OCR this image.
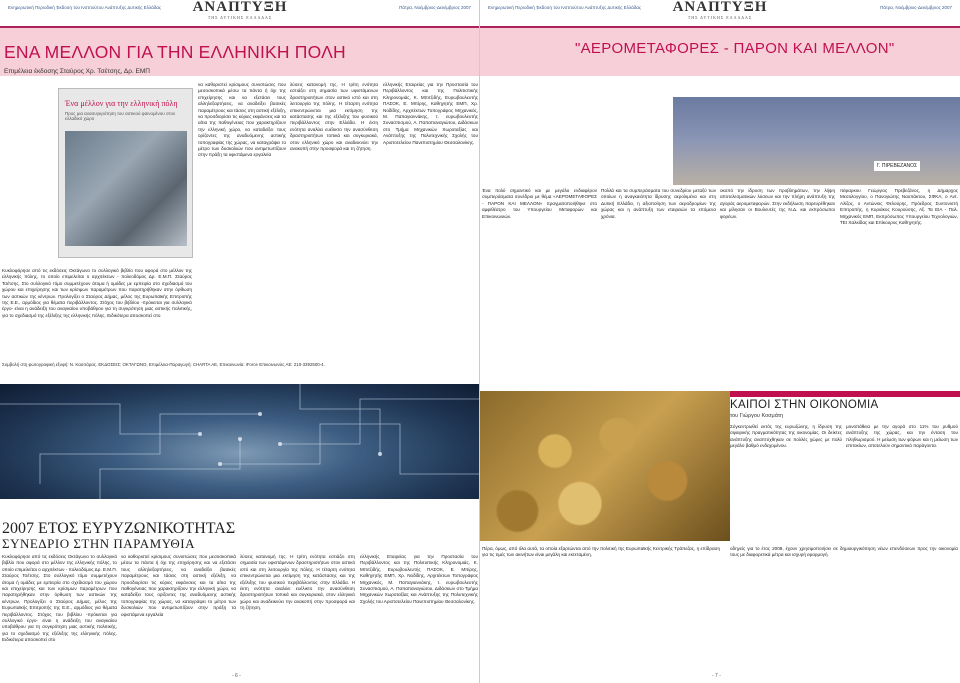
Ενημερωτική Περιοδική Έκδοση του Ινστιτούτου Ανάπτυξης Δυτικής Ελλάδας	Πάτρα, Νοέμβριος-Δεκέμβριος 2007
ΑΝΑΠΤΥΞΗ
ΤΗΣ ΔΥΤΙΚΗΣ ΕΛΛΑΔΑΣ
ΕΝΑ ΜΕΛΛΟΝ ΓΙΑ ΤΗΝ ΕΛΛΗΝΙΚΗ ΠΟΛΗ
Επιμέλεια έκδοσης Σταύρος Χρ. Τσέτσης, Δρ. ΕΜΠ
Ένα μέλλον για την ελληνική πόλη
Προς μια ανασυγκρότηση του αστικού φαινομένου στον ελλαδικό χώρο
Κυκλοφόρησε από τις εκδόσεις Οκτάγωνο το συλλογικό βιβλίο που αφορά στο μέλλον της ελληνικής πόλης, το οποίο επιμελείται ο αρχιτέκτων - πολεοδόμος Δρ. Ε.Μ.Π. Σταύρος Τσέτσης. Στο συλλογικό τόμο συμμετέχουν άτομα ή ομάδες με εμπειρία στο σχεδιασμό του χώρου και επιχείρησης και των κρίσιμων παραμέτρων που παρατηρήθηκαν στην όρθωση των αστικών της κέντρων. Προλογίζει ο Σταύρος Δήμας, μέλος της Ευρωπαϊκής Επιτροπής της Ε.Ε., αρμόδιος για θέματα περιβάλλοντος. Στόχος του βιβλίου -πρόκειται για συλλογικό έργο- είναι η ανάδειξη του αναγκαίου υποβάθρου για τη συγκρότηση μιας αστικής πολιτικής, για το σχεδιασμό της εξέλιξης της ελληνικής πόλης. Ειδικότερα αποσκοπεί στο
να καθοριστεί κρίσιμους συνιστώσες που μεσοσκοπικά μέσω τα πάντα ή όχι της επιχείρησης και να εξετάσει τους αλληλεξαρτήσεις, να αναδείξει βασικές παραμέτρους και τάσεις στη αστική εξέλιξη, να προσδιορίσει τις κύριες εκφάνσεις και τα αίτια της παθογένειας που χαρακτηρίζουν την ελληνική χώρο, να καταδείξει τους ορίζοντες της αναδυόμενης αστικής τοπογραφίας της χώρας, να καταγράψει το μέτρο των δυσκολιών που αντιμετωπίζουν στην πράξη τα υφιστάμενα εργαλεία
λύσεις κατανομή της. Η τρίτη ενότητα εστιάζει στη σημασία των υφιστάμενων δραστηριοτήτων στον αστικό ιστό και στη λειτουργία της πόλης. Η τέταρτη ενότητα επικεντρώνεται μια εκτίμηση της κατάστασης και της εξέλιξης του φυσικού περιβάλλοντος στην Ελλάδα. Η έκτη ενότητα αναλύει ευέλικτο την ανασύνθεση δραστηριοτήτων τοπικά και συγκυριακά, στον ελληνικό χώρο και αναδεικνύει την ανακοπή στην προσφορά και τη ζήτηση.
ελληνικής Εταιρείας για την Προστασία του Περιβάλλοντος και της Πολιτιστικής Κληρονομιάς, Κ. Μπιτζιδής, Ευρωβουλευτής ΠΑΣΟΚ, Ε. Μπίρης, Καθηγητής ΕΜΠ, Χρ. Νοδίδης, Αρχιτέκτων Τοπογράφος Μηχανικός, Μ. Παπαγιαννάκης, τ. ευρωβουλευτής Συνασπισμού, Α. Παπαπαναγιώτου, Διδάσκων στο Τμήμα Μηχανικών Χωροταξίας και Ανάπτυξης της Πολυτεχνικής Σχολής του Αριστοτελείου Πανεπιστημίου Θεσσαλονίκης.
Συμβολή στη φωτογραφική εξυφή: Ν. Κασσάρας. ΕΚΔΟΣΕΙΣ: ΟΚΤΑΓΩΝΟ, Επιμέλεια-Παραγωγή: CHARTA AE, Επικοινωνία: iForce Επικοινωνίες ΑΕ: 210-3392500-4.
2007 ΕΤΟΣ ΕΥΡΥΖΩΝΙΚΟΤΗΤΑΣ
ΣΥΝΕΔΡΙΟ ΣΤΗΝ ΠΑΡΑΜΥΘΙΑ
Κυκλοφόρησε από τις εκδόσεις Οκτάγωνο το συλλογικό βιβλίο που αφορά στο μέλλον της ελληνικής πόλης, το οποίο επιμελείται ο αρχιτέκτων - πολεοδόμος Δρ. Ε.Μ.Π. Σταύρος Τσέτσης. Στο συλλογικό τόμο συμμετέχουν άτομα ή ομάδες με εμπειρία στο σχεδιασμό του χώρου και επιχείρησης και των κρίσιμων παραμέτρων που παρατηρήθηκαν στην όρθωση των αστικών της κέντρων. Προλογίζει ο Σταύρος Δήμας, μέλος της Ευρωπαϊκής Επιτροπής της Ε.Ε., αρμόδιος για θέματα περιβάλλοντος. Στόχος του βιβλίου -πρόκειται για συλλογικό έργο- είναι η ανάδειξη του αναγκαίου υποβάθρου για τη συγκρότηση μιας αστικής πολιτικής, για το σχεδιασμό της εξέλιξης της ελληνικής πόλης. Ειδικότερα αποσκοπεί στο
να καθοριστεί κρίσιμους συνιστώσες που μεσοσκοπικά μέσω τα πάντα ή όχι της επιχείρησης και να εξετάσει τους αλληλεξαρτήσεις, να αναδείξει βασικές παραμέτρους και τάσεις στη αστική εξέλιξη, να προσδιορίσει τις κύριες εκφάνσεις και τα αίτια της παθογένειας που χαρακτηρίζουν την ελληνική χώρο, να καταδείξει τους ορίζοντες της αναδυόμενης αστικής τοπογραφίας της χώρας, να καταγράψει το μέτρο των δυσκολιών που αντιμετωπίζουν στην πράξη τα υφιστάμενα εργαλεία
λύσεις κατανομή της. Η τρίτη ενότητα εστιάζει στη σημασία των υφιστάμενων δραστηριοτήτων στον αστικό ιστό και στη λειτουργία της πόλης. Η τέταρτη ενότητα επικεντρώνεται μια εκτίμηση της κατάστασης και της εξέλιξης του φυσικού περιβάλλοντος στην Ελλάδα. Η έκτη ενότητα αναλύει ευέλικτο την ανασύνθεση δραστηριοτήτων τοπικά και συγκυριακά, στον ελληνικό χώρο και αναδεικνύει την ανακοπή στην προσφορά και τη ζήτηση.
ελληνικής Εταιρείας για την Προστασία του Περιβάλλοντος και της Πολιτιστικής Κληρονομιάς, Κ. Μπιτζιδής, Ευρωβουλευτής ΠΑΣΟΚ, Ε. Μπίρης, Καθηγητής ΕΜΠ, Χρ. Νοδίδης, Αρχιτέκτων Τοπογράφος Μηχανικός, Μ. Παπαγιαννάκης, τ. ευρωβουλευτής Συνασπισμού, Α. Παπαπαναγιώτου, Διδάσκων στο Τμήμα Μηχανικών Χωροταξίας και Ανάπτυξης της Πολυτεχνικής Σχολής του Αριστοτελείου Πανεπιστημίου Θεσσαλονίκης.
- 6 -
Ενημερωτική Περιοδική Έκδοση του Ινστιτούτου Ανάπτυξης Δυτικής Ελλάδας	Πάτρα, Νοέμβριος-Δεκέμβριος 2007
ΑΝΑΠΤΥΞΗ
ΤΗΣ ΔΥΤΙΚΗΣ ΕΛΛΑΔΑΣ
"ΑΕΡΟΜΕΤΑΦΟΡΕΣ - ΠΑΡΟΝ ΚΑΙ ΜΕΛΛΟΝ"
Γ. ΠΙΡΕΒΕΖΑΝΟΣ
Ένα πολύ σημαντικό και με μεγάλο ενδιαφέρον συμπεράσματα συνέδριο με θέμα «ΑΕΡΟΜΕΤΑΦΟΡΕΣ - ΠΑΡΟΝ ΚΑΙ ΜΕΛΛΟΝ» πραγματοποιήθηκε στο αμφιθέατρο του Υπουργείου Μεταφορών και Επικοινωνιών.
Πολλά και τα συμπεράσματα του συνεδρίου μεταξύ των οποίων η αναγκαιότητα ίδρυσης αερολιμένα και στη Δυτική Ελλάδα, η αξιοποίηση των αεροδρομίων της χώρας και η ανάπτυξη των εταιρειών τα επόμενα χρόνια.
οκοπό την ίδρυση των προβλημάτων, την λήψη αποτελεσματικών λύσεων και την πλήρη ανάπτυξη της αγοράς αερομεταφορών. Στην εκδήλωση παρευρέθηκαν και μίλησαν οι Βουλευτές της Ν.Δ. και εκπρόσωποι φορέων.
πέφαρκου Γεώργιος Πρεβεζάνος, η Δήμαρχος Μεσολογγίου, ο Πανογιώτης Ναυπάκτου, ΣΦΚΑ, ο Αντ. Αλίζος, ο Αντώνιος Φελούρης, Πρόεδρος Συντονιστή Επιτροπής, η Κυριάκος Κουρούσης, Αξ. Τα ΕΙΑ - Πολ. Μηχανικός ΕΜΠ, Εκπρόσωπος Υπουργείου Τεχνολογιών, ΤΕΙ Χαλκίδας και Επίκουρος Καθηγητής.
ΚΑΙΠΟΙ ΣΤΗΝ ΟΙΚΟΝΟΜΙΑ
του Γιώργου Κοσμάτη
Σύγκεντρωθεί εκτός της ευρωζώνης, η ίδρυση της σφαιρικής πραγματικότητας της οικονομίας. Οι δείκτες ανάπτυξης αναπτύχθηκαν σε πολλές χώρες με πολύ μεγάλο βαθμό ενδεχομένου.
μονοπάθεια με την αγορά στο 11% του ρυθμού ανάπτυξης της χώρας, και την ένταση του πληθωρισμού. Η μείωση των φόρων και η μείωση των επιτοκίων, αποτελούν σημαντικό παράγοντα.
Πέρα, όμως, από όλα αυτά, τα οποία εξαρτώνται από την πολιτική της Ευρωπαϊκής Κεντρικής Τράπεζας, η επίδραση για τις τιμές των ακινήτων είναι μεγάλη και εκτεταμένη.
οδηγείς για το έτος 2008, έχουν χρησιμοποιήσει σε δημιουργικόπηση νέων επενδύσεων προς την οικονομία τους με διαφορετικά μέτρα και ισχυρή εφαρμογή.
- 7 -
